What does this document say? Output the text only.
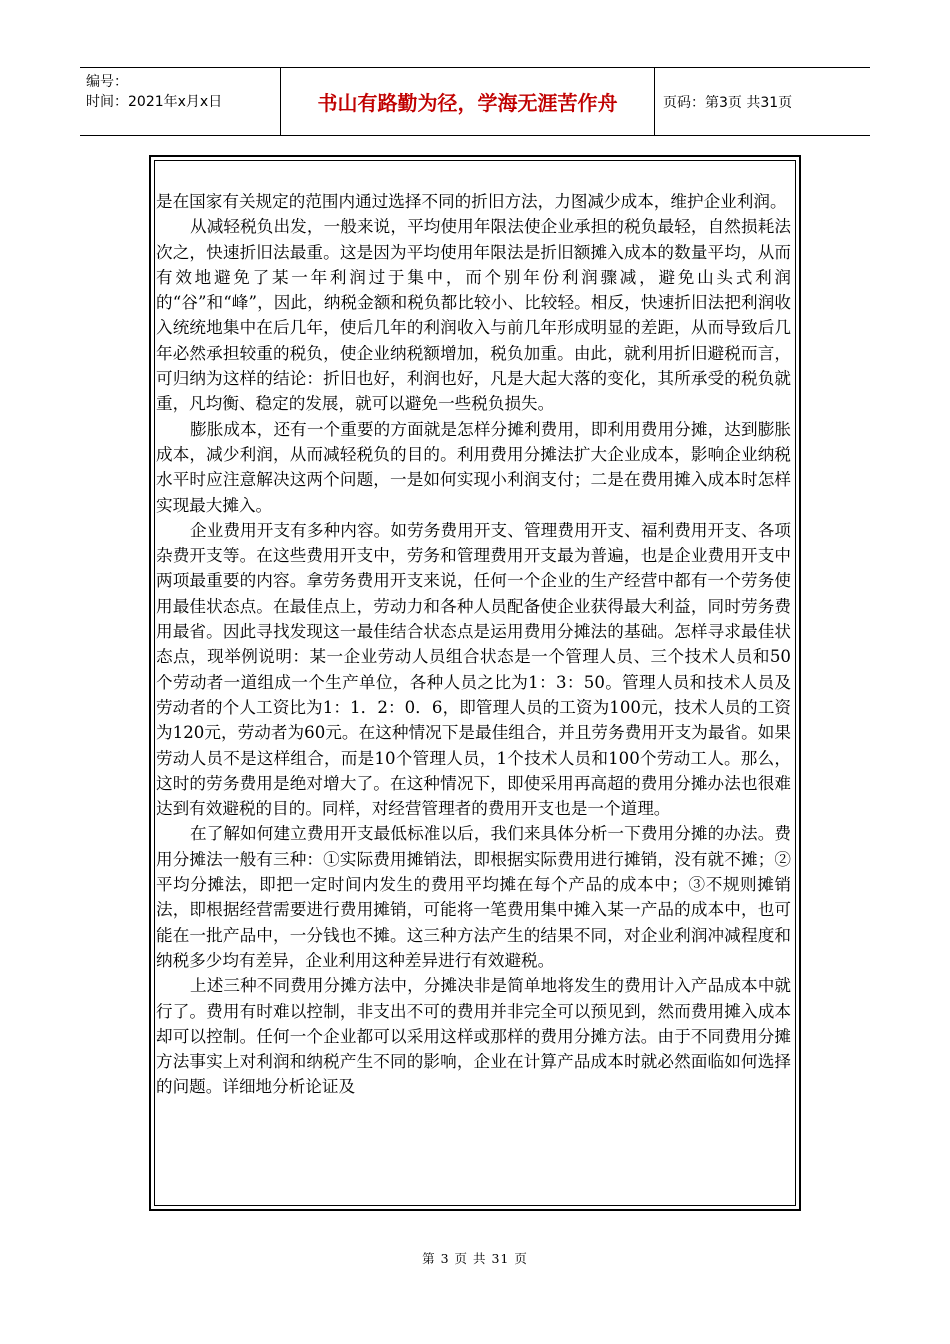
编号：
时间：2021年x月x日	书山有路勤为径，学海无涯苦作舟	页码：第3页 共31页

是在国家有关规定的范围内通过选择不同的折旧方法，力图减少成本，维护企业利润。

从减轻税负出发，一般来说，平均使用年限法使企业承担的税负最轻，自然损耗法次之，快速折旧法最重。这是因为平均使用年限法是折旧额摊入成本的数量平均，从而有效地避免了某一年利润过于集中，而个别年份利润骤减，避免山头式利润的“谷”和“峰”，因此，纳税金额和税负都比较小、比较轻。相反，快速折旧法把利润收入统统地集中在后几年，使后几年的利润收入与前几年形成明显的差距，从而导致后几年必然承担较重的税负，使企业纳税额增加，税负加重。由此，就利用折旧避税而言，可归纳为这样的结论：折旧也好，利润也好，凡是大起大落的变化，其所承受的税负就重，凡均衡、稳定的发展，就可以避免一些税负损失。

膨胀成本，还有一个重要的方面就是怎样分摊利费用，即利用费用分摊，达到膨胀成本，减少利润，从而减轻税负的目的。利用费用分摊法扩大企业成本，影响企业纳税水平时应注意解决这两个问题，一是如何实现小利润支付；二是在费用摊入成本时怎样实现最大摊入。

企业费用开支有多种内容。如劳务费用开支、管理费用开支、福利费用开支、各项杂费开支等。在这些费用开支中，劳务和管理费用开支最为普遍，也是企业费用开支中两项最重要的内容。拿劳务费用开支来说，任何一个企业的生产经营中都有一个劳务使用最佳状态点。在最佳点上，劳动力和各种人员配备使企业获得最大利益，同时劳务费用最省。因此寻找发现这一最佳结合状态点是运用费用分摊法的基础。怎样寻求最佳状态点，现举例说明：某一企业劳动人员组合状态是一个管理人员、三个技术人员和50个劳动者一道组成一个生产单位，各种人员之比为1：3：50。管理人员和技术人员及劳动者的个人工资比为1：1．2：0．6，即管理人员的工资为100元，技术人员的工资为120元，劳动者为60元。在这种情况下是最佳组合，并且劳务费用开支为最省。如果劳动人员不是这样组合，而是10个管理人员，1个技术人员和100个劳动工人。那么，这时的劳务费用是绝对增大了。在这种情况下，即使采用再高超的费用分摊办法也很难达到有效避税的目的。同样，对经营管理者的费用开支也是一个道理。

在了解如何建立费用开支最低标准以后，我们来具体分析一下费用分摊的办法。费用分摊法一般有三种：①实际费用摊销法，即根据实际费用进行摊销，没有就不摊；②平均分摊法，即把一定时间内发生的费用平均摊在每个产品的成本中；③不规则摊销法，即根据经营需要进行费用摊销，可能将一笔费用集中摊入某一产品的成本中，也可能在一批产品中，一分钱也不摊。这三种方法产生的结果不同，对企业利润冲减程度和纳税多少均有差异，企业利用这种差异进行有效避税。

上述三种不同费用分摊方法中，分摊决非是简单地将发生的费用计入产品成本中就行了。费用有时难以控制，非支出不可的费用并非完全可以预见到，然而费用摊入成本却可以控制。任何一个企业都可以采用这样或那样的费用分摊方法。由于不同费用分摊方法事实上对利润和纳税产生不同的影响，企业在计算产品成本时就必然面临如何选择的问题。详细地分析论证及

第 3 页 共 31 页
